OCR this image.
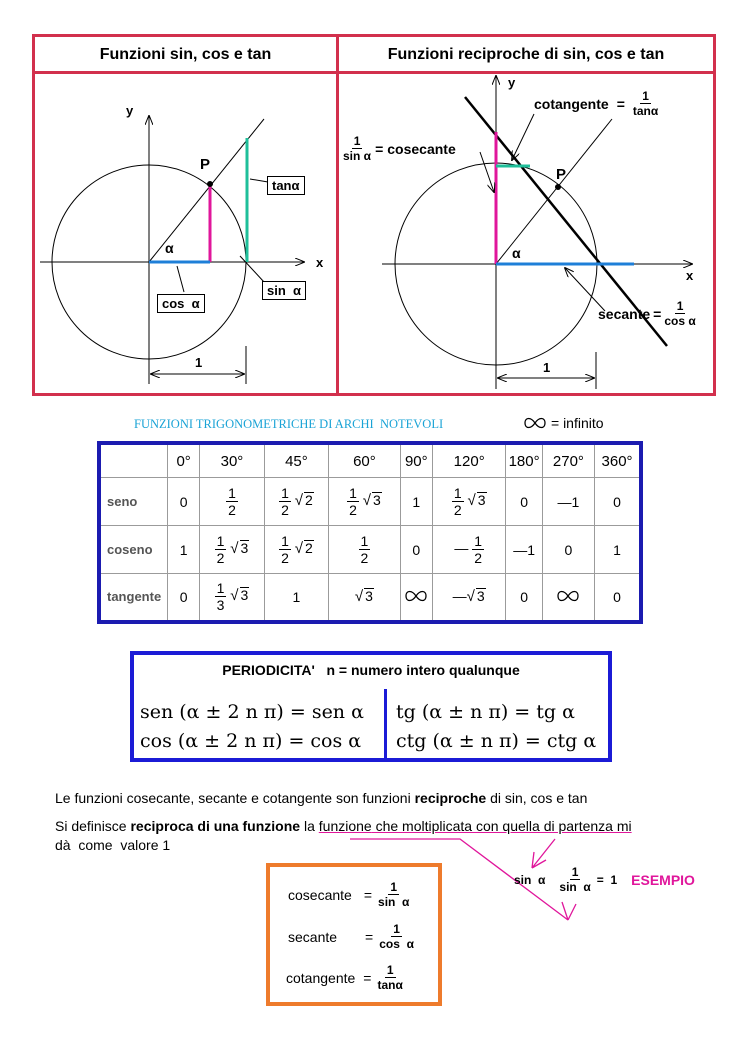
Funzioni sin, cos e tan	Funzioni reciproche di sin, cos e tan
y
x
P
α
tanα
sin  α
cos  α
1
y
x
P
α
1
cotangente = $\frac{1}{\tan\alpha}$
$\frac{1}{\text{sin α}}$ = cosecante
secante = $\frac{1}{\text{cos α}}$
FUNZIONI TRIGONOMETRICHE DI ARCHI  NOTEVOLI	= infinito
	0°	30°	45°	60°	90°	120°	180°	270°	360°
seno	0	$\frac{1}{2}$	$\frac{1}{2}$ √ 2	$\frac{1}{2}$ √ 3	1	$\frac{1}{2}$ √ 3	0	—1	0
coseno	1	$\frac{1}{2}$ √ 3	$\frac{1}{2}$ √ 2	$\frac{1}{2}$	0	— $\frac{1}{2}$	—1	0	1
tangente	0	$\frac{1}{3}$ √ 3	1	√ 3		—√ 3	0		0
PERIODICITA' n = numero intero qualunque
sen (α ± 2 n π) = sen α
cos (α ± 2 n π) = cos α
tg (α ± n π) = tg α
ctg (α ± n π) = ctg α
Le funzioni cosecante, secante e cotangente son funzioni reciproche di sin, cos e tan
Si definisce reciproca di una funzione la funzione che moltiplicata con quella di partenza mi
dà  come  valore 1
sin  α $\frac{1}{\text{sin  α}} = 1$ ESEMPIO
cosecante = $\frac{1}{\text{sin  α}}$
secante = $\frac{1}{\text{cos  α}}$
cotangente = $\frac{1}{\tan\alpha}$
